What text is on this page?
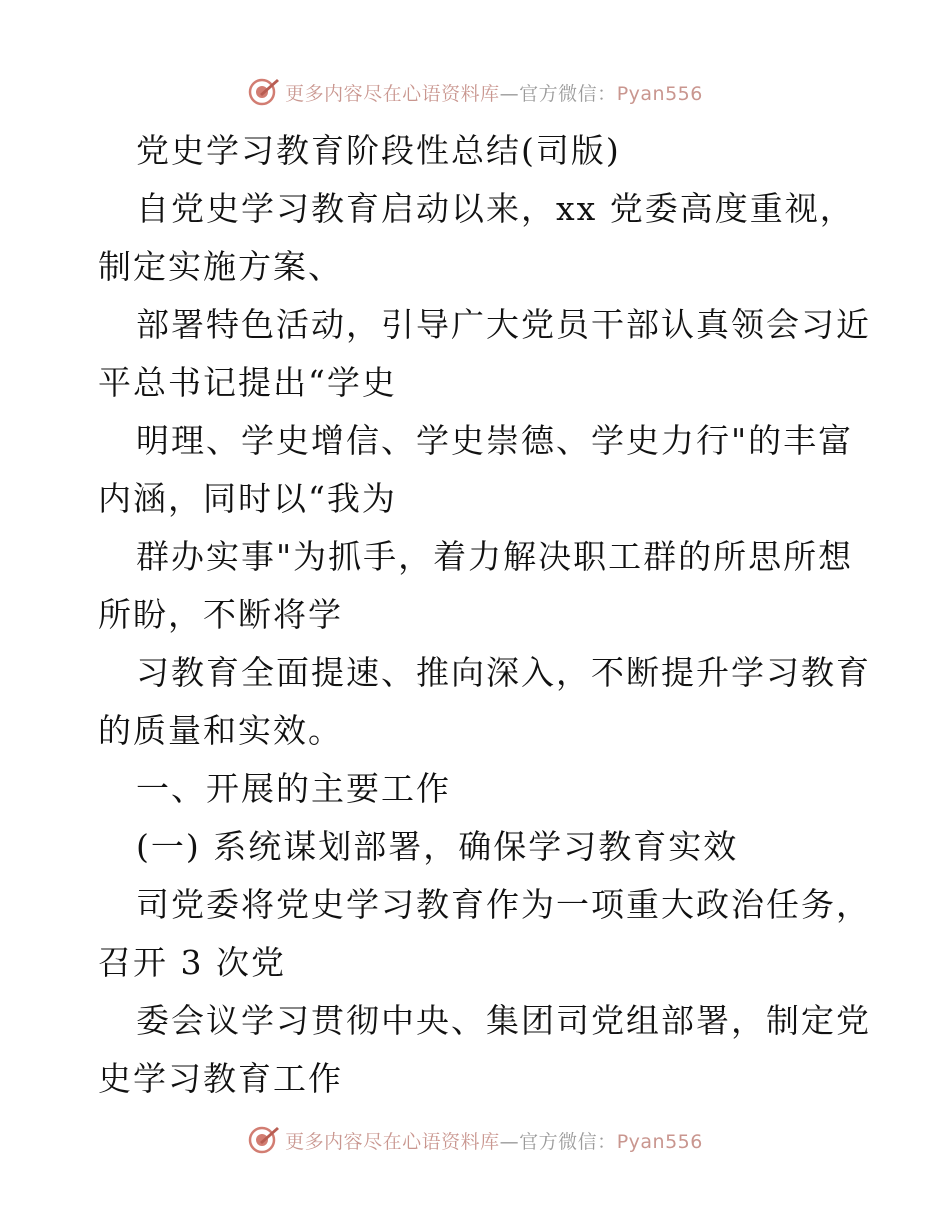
更多内容尽在心语资料库—官方微信：Pyan556
党史学习教育阶段性总结(司版)
自党史学习教育启动以来，xx 党委高度重视，
制定实施方案、
部署特色活动，引导广大党员干部认真领会习近
平总书记提出“学史
明理、学史增信、学史崇德、学史力行"的丰富
内涵，同时以“我为
群办实事"为抓手，着力解决职工群的所思所想
所盼，不断将学
习教育全面提速、推向深入，不断提升学习教育
的质量和实效。
一、开展的主要工作
(一) 系统谋划部署，确保学习教育实效
司党委将党史学习教育作为一项重大政治任务，
召开 3 次党
委会议学习贯彻中央、集团司党组部署，制定党
史学习教育工作
更多内容尽在心语资料库—官方微信：Pyan556
